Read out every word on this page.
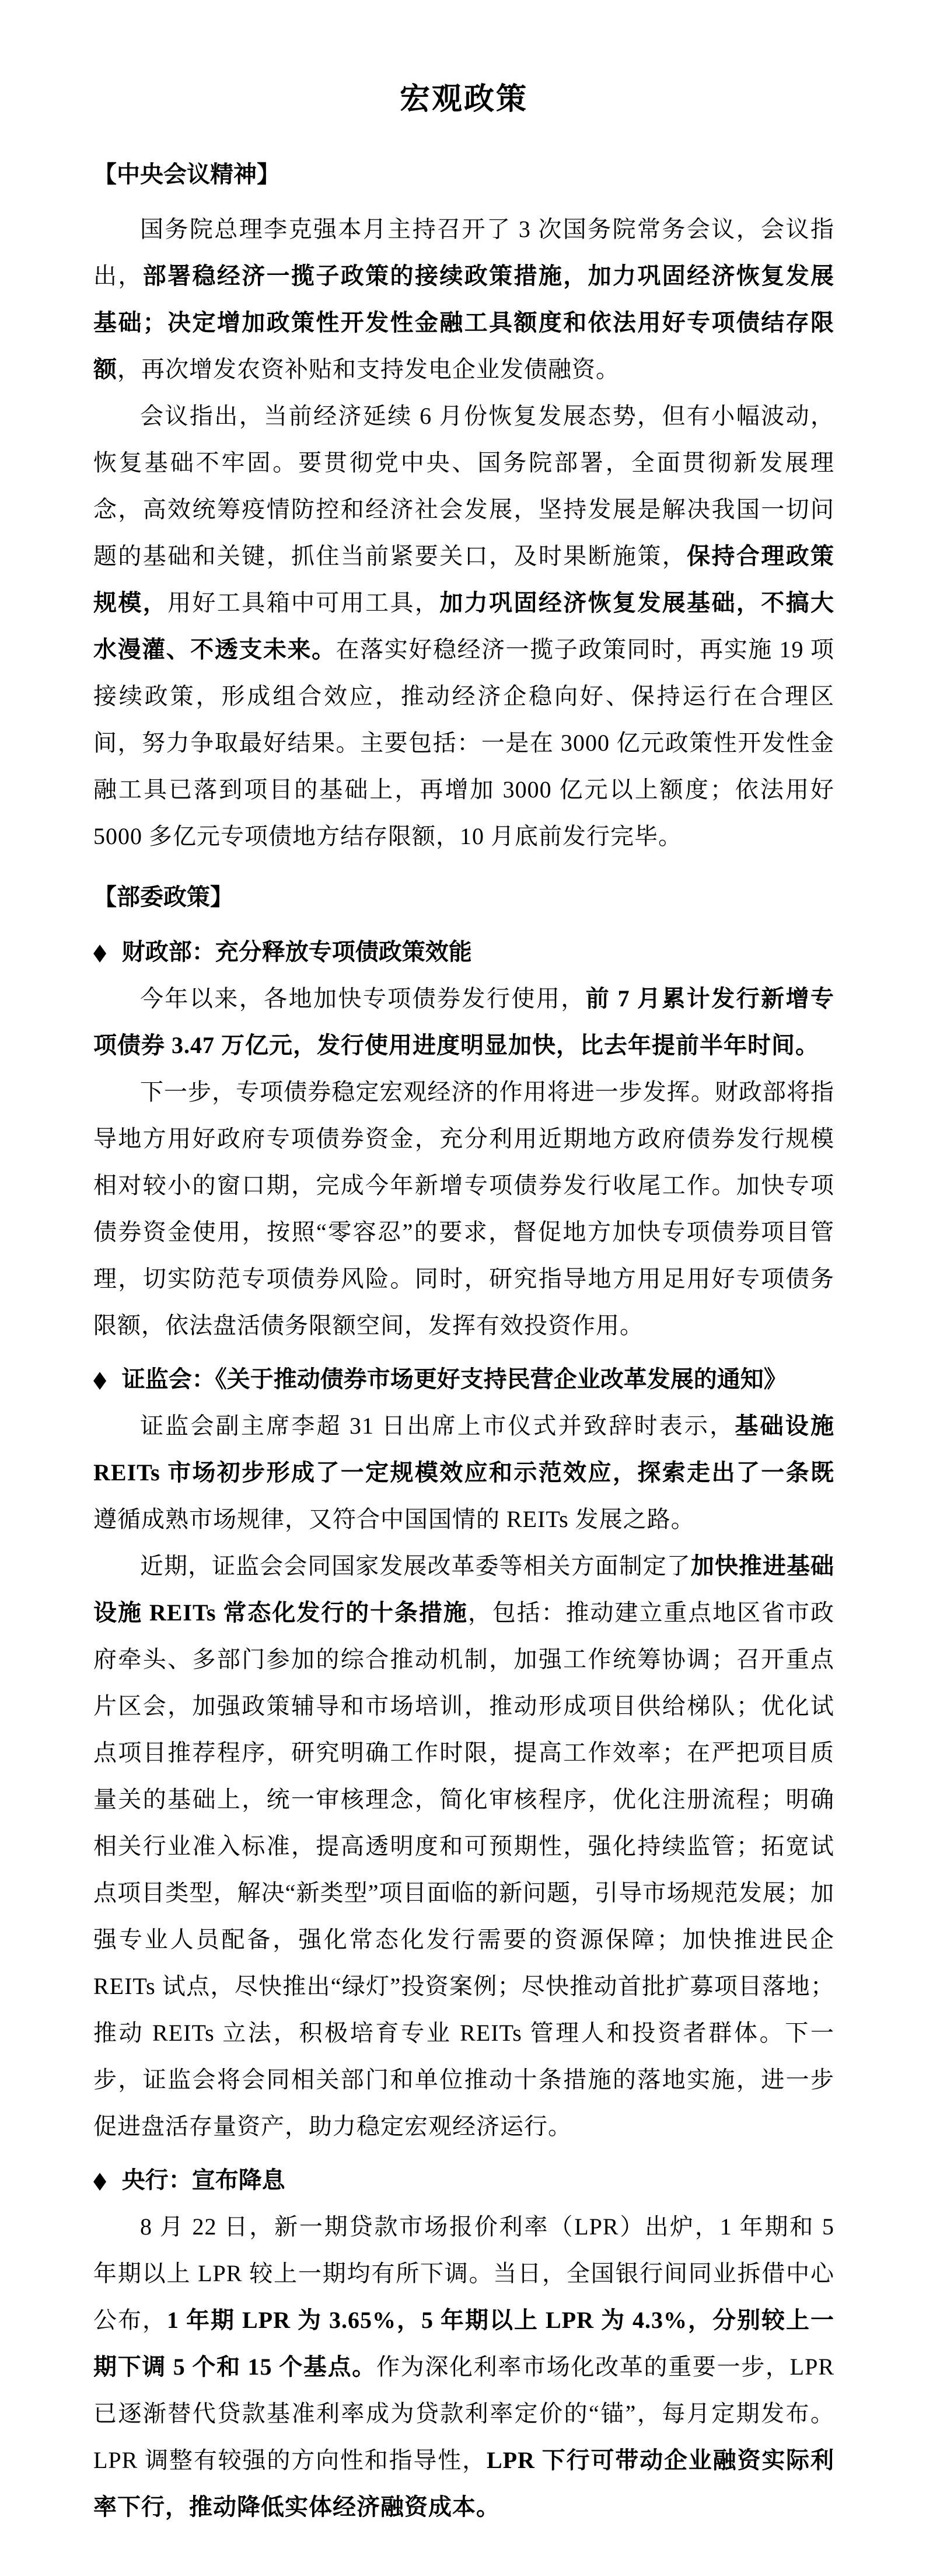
宏观政策
【中央会议精神】

国务院总理李克强本月主持召开了 3 次国务院常务会议，会议指出，部署稳经济一揽子政策的接续政策措施，加力巩固经济恢复发展基础；决定增加政策性开发性金融工具额度和依法用好专项债结存限额，再次增发农资补贴和支持发电企业发债融资。

会议指出，当前经济延续 6 月份恢复发展态势，但有小幅波动，恢复基础不牢固。要贯彻党中央、国务院部署，全面贯彻新发展理念，高效统筹疫情防控和经济社会发展，坚持发展是解决我国一切问题的基础和关键，抓住当前紧要关口，及时果断施策，保持合理政策规模，用好工具箱中可用工具，加力巩固经济恢复发展基础，不搞大水漫灌、不透支未来。在落实好稳经济一揽子政策同时，再实施 19 项接续政策，形成组合效应，推动经济企稳向好、保持运行在合理区间，努力争取最好结果。主要包括：一是在 3000 亿元政策性开发性金融工具已落到项目的基础上，再增加 3000 亿元以上额度；依法用好 5000 多亿元专项债地方结存限额，10 月底前发行完毕。

【部委政策】
◆ 财政部：充分释放专项债政策效能

今年以来，各地加快专项债券发行使用，前 7 月累计发行新增专项债券 3.47 万亿元，发行使用进度明显加快，比去年提前半年时间。

下一步，专项债券稳定宏观经济的作用将进一步发挥。财政部将指导地方用好政府专项债券资金，充分利用近期地方政府债券发行规模相对较小的窗口期，完成今年新增专项债券发行收尾工作。加快专项债券资金使用，按照“零容忍”的要求，督促地方加快专项债券项目管理，切实防范专项债券风险。同时，研究指导地方用足用好专项债务限额，依法盘活债务限额空间，发挥有效投资作用。

◆ 证监会：《关于推动债券市场更好支持民营企业改革发展的通知》

证监会副主席李超 31 日出席上市仪式并致辞时表示，基础设施 REITs 市场初步形成了一定规模效应和示范效应，探索走出了一条既遵循成熟市场规律，又符合中国国情的 REITs 发展之路。

近期，证监会会同国家发展改革委等相关方面制定了加快推进基础设施 REITs 常态化发行的十条措施，包括：推动建立重点地区省市政府牵头、多部门参加的综合推动机制，加强工作统筹协调；召开重点片区会，加强政策辅导和市场培训，推动形成项目供给梯队；优化试点项目推荐程序，研究明确工作时限，提高工作效率；在严把项目质量关的基础上，统一审核理念，简化审核程序，优化注册流程；明确相关行业准入标准，提高透明度和可预期性，强化持续监管；拓宽试点项目类型，解决“新类型”项目面临的新问题，引导市场规范发展；加强专业人员配备，强化常态化发行需要的资源保障；加快推进民企 REITs 试点，尽快推出“绿灯”投资案例；尽快推动首批扩募项目落地；推动 REITs 立法，积极培育专业 REITs 管理人和投资者群体。下一步，证监会将会同相关部门和单位推动十条措施的落地实施，进一步促进盘活存量资产，助力稳定宏观经济运行。

◆ 央行：宣布降息

8 月 22 日，新一期贷款市场报价利率（LPR）出炉，1 年期和 5 年期以上 LPR 较上一期均有所下调。当日，全国银行间同业拆借中心公布，1 年期 LPR 为 3.65%，5 年期以上 LPR 为 4.3%，分别较上一期下调 5 个和 15 个基点。作为深化利率市场化改革的重要一步，LPR 已逐渐替代贷款基准利率成为贷款利率定价的“锚”，每月定期发布。LPR 调整有较强的方向性和指导性，LPR 下行可带动企业融资实际利率下行，推动降低实体经济融资成本。
